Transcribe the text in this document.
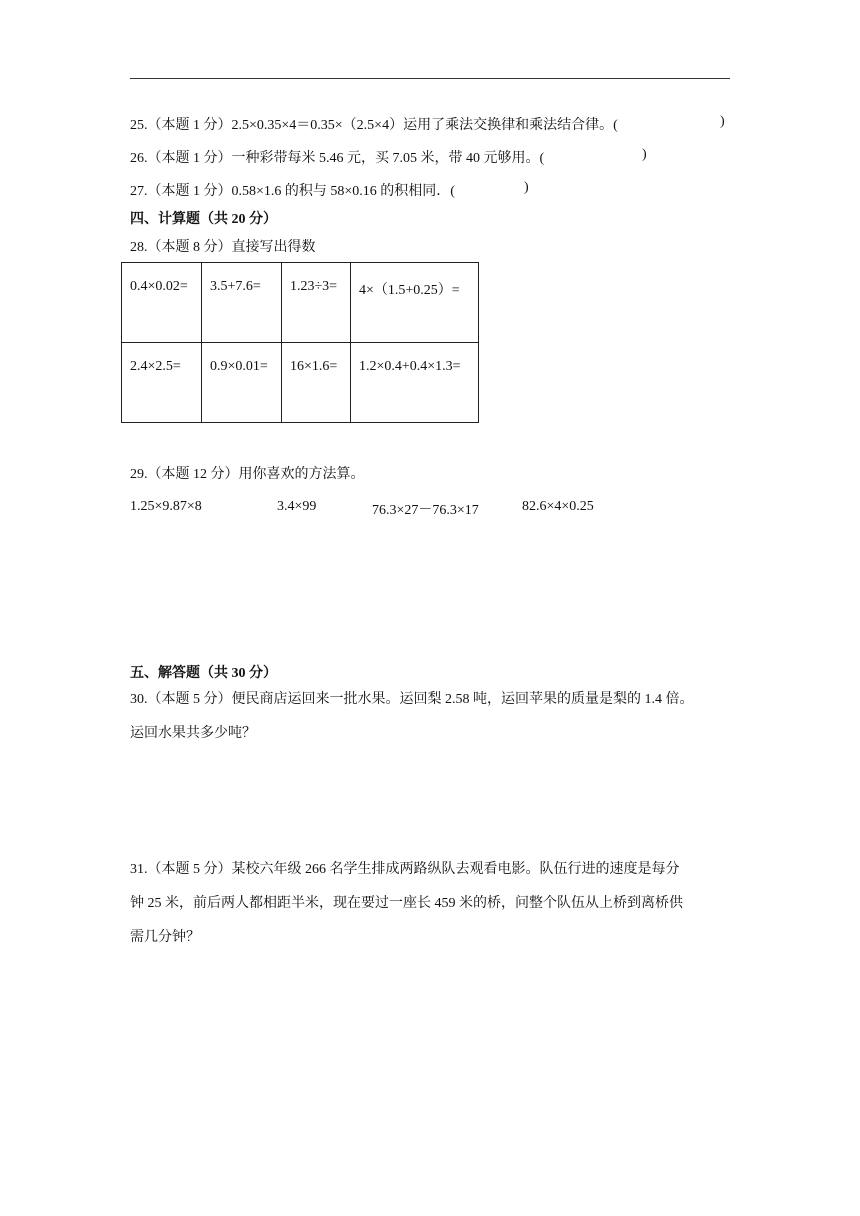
25.（本题 1 分）2.5×0.35×4＝0.35×（2.5×4）运用了乘法交换律和乘法结合律。(	)
26.（本题 1 分）一种彩带每米 5.46 元，买 7.05 米，带 40 元够用。(	)
27.（本题 1 分）0.58×1.6 的积与 58×0.16 的积相同．(	)
四、计算题（共 20 分）
28.（本题 8 分）直接写出得数
0.4×0.02=	3.5+7.6=	1.23÷3=	4×（1.5+0.25）=
2.4×2.5=	0.9×0.01=	16×1.6=	1.2×0.4+0.4×1.3=
29.（本题 12 分）用你喜欢的方法算。
1.25×9.87×8	3.4×99	76.3×27－76.3×17	82.6×4×0.25
五、解答题（共 30 分）
30.（本题 5 分）便民商店运回来一批水果。运回梨 2.58 吨，运回苹果的质量是梨的 1.4 倍。
运回水果共多少吨？
31.（本题 5 分）某校六年级 266 名学生排成两路纵队去观看电影。队伍行进的速度是每分
钟 25 米，前后两人都相距半米，现在要过一座长 459 米的桥，问整个队伍从上桥到离桥供
需几分钟？
